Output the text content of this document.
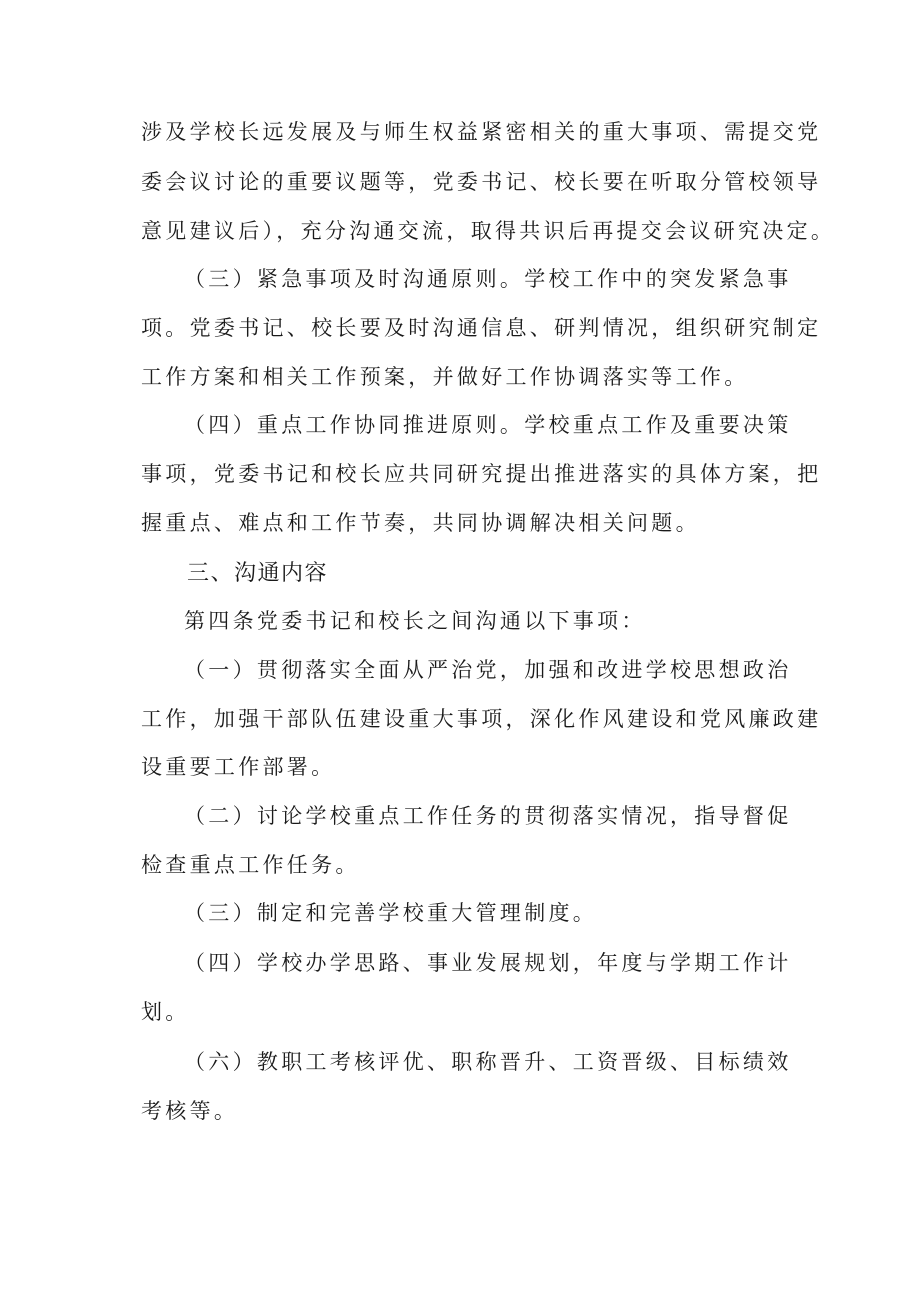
涉及学校长远发展及与师生权益紧密相关的重大事项、需提交党
委会议讨论的重要议题等，党委书记、校长要在听取分管校领导
意见建议后），充分沟通交流，取得共识后再提交会议研究决定。
（三）紧急事项及时沟通原则。学校工作中的突发紧急事
项。党委书记、校长要及时沟通信息、研判情况，组织研究制定
工作方案和相关工作预案，并做好工作协调落实等工作。
（四）重点工作协同推进原则。学校重点工作及重要决策
事项，党委书记和校长应共同研究提出推进落实的具体方案，把
握重点、难点和工作节奏，共同协调解决相关问题。
三、沟通内容
第四条党委书记和校长之间沟通以下事项：
（一）贯彻落实全面从严治党，加强和改进学校思想政治
工作，加强干部队伍建设重大事项，深化作风建设和党风廉政建
设重要工作部署。
（二）讨论学校重点工作任务的贯彻落实情况，指导督促
检查重点工作任务。
（三）制定和完善学校重大管理制度。
（四）学校办学思路、事业发展规划，年度与学期工作计
划。
（六）教职工考核评优、职称晋升、工资晋级、目标绩效
考核等。
